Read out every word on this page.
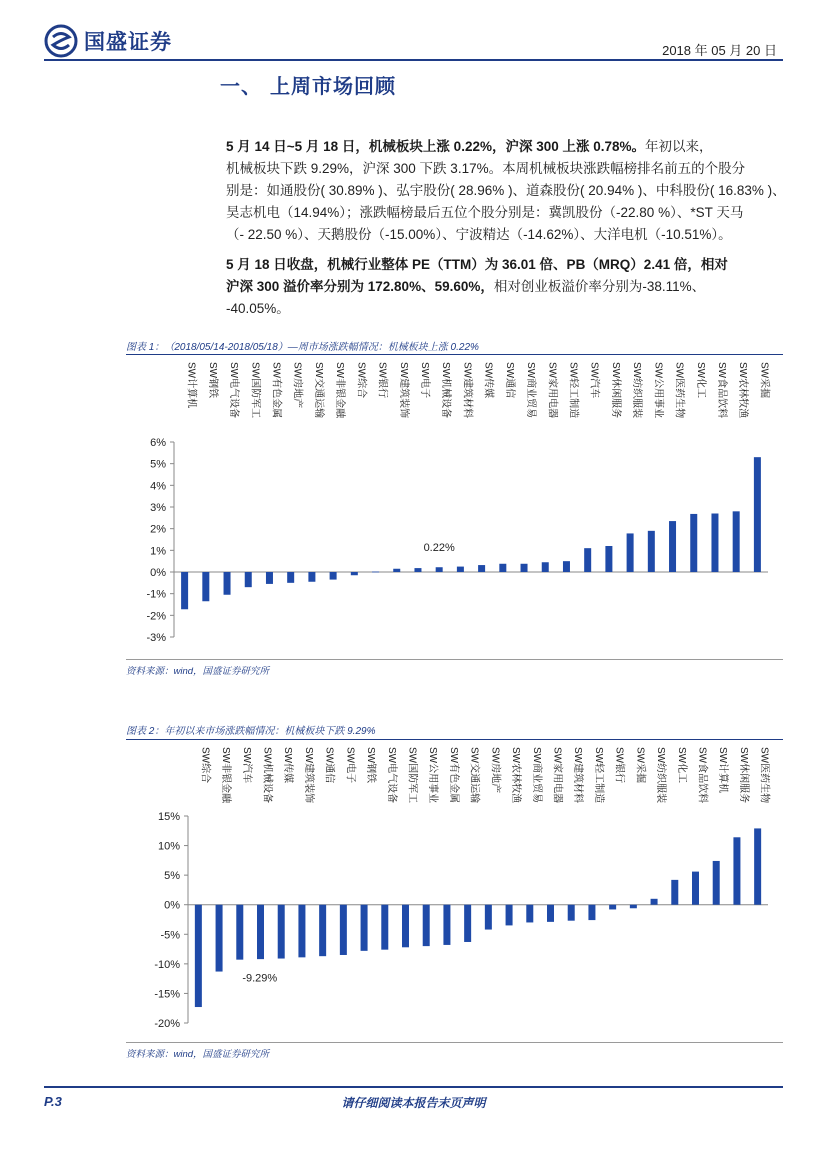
国盛证券	2018 年 05 月 20 日
一、 上周市场回顾
5 月 14 日~5 月 18 日，机械板块上涨 0.22%，沪深 300 上涨 0.78%。年初以来，
机械板块下跌 9.29%，沪深 300 下跌 3.17%。本周机械板块涨跌幅榜排名前五的个股分
别是：如通股份( 30.89% )、弘宇股份( 28.96% )、道森股份( 20.94% )、中科股份( 16.83% )、
昊志机电（14.94%）；涨跌幅榜最后五位个股分别是：冀凯股份（-22.80 %）、*ST 天马
（- 22.50 %）、天鹅股份（-15.00%）、宁波精达（-14.62%）、大洋电机（-10.51%）。
5 月 18 日收盘，机械行业整体 PE（TTM）为 36.01 倍、PB（MRQ）2.41 倍，相对
沪深 300 溢价率分别为 172.80%、59.60%，相对创业板溢价率分别为-38.11%、
-40.05%。
图表 1：（2018/05/14-2018/05/18）—周市场涨跌幅情况：机械板块上涨 0.22%
6%
5%
4%
3%
2%
1%
0%
-1%
-2%
-3%
SW计算机 SW钢铁 SW电气设备 SW国防军工 SW有色金属 SW房地产 SW交通运输 SW非银金融 SW综合 SW银行 SW建筑装饰 SW电子 SW机械设备 SW建筑材料 SW传媒 SW通信 SW商业贸易 SW家用电器 SW轻工制造 SW汽车 SW休闲服务 SW纺织服装 SW公用事业 SW医药生物 SW化工 SW食品饮料 SW农林牧渔 SW采掘
0.22%
资料来源：wind，国盛证券研究所
图表 2：年初以来市场涨跌幅情况：机械板块下跌 9.29%
15%
10%
5%
0%
-5%
-10%
-15%
-20%
SW综合 SW非银金融 SW汽车 SW机械设备 SW传媒 SW建筑装饰 SW通信 SW电子 SW钢铁 SW电气设备 SW国防军工 SW公用事业 SW有色金属 SW交通运输 SW房地产 SW农林牧渔 SW商业贸易 SW家用电器 SW建筑材料 SW轻工制造 SW银行 SW采掘 SW纺织服装 SW化工 SW食品饮料 SW计算机 SW休闲服务 SW医药生物
-9.29%
资料来源：wind，国盛证券研究所
P.3	请仔细阅读本报告末页声明
